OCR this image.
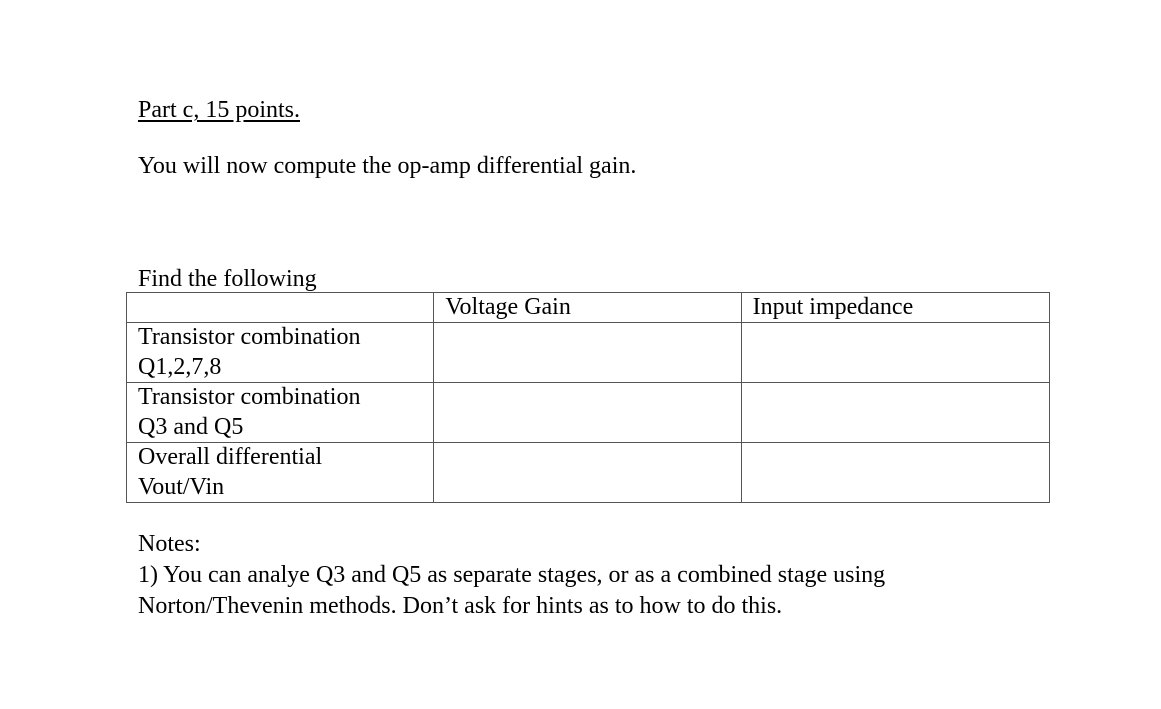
Part c, 15 points.
You will now compute the op-amp differential gain.
Find the following
	Voltage Gain	Input impedance

Transistor combination
Q1,2,7,8		

Transistor combination
Q3 and Q5		

Overall differential
Vout/Vin		

Notes:
1) You can analye Q3 and Q5 as separate stages, or as a combined stage using
Norton/Thevenin methods. Don’t ask for hints as to how to do this.
